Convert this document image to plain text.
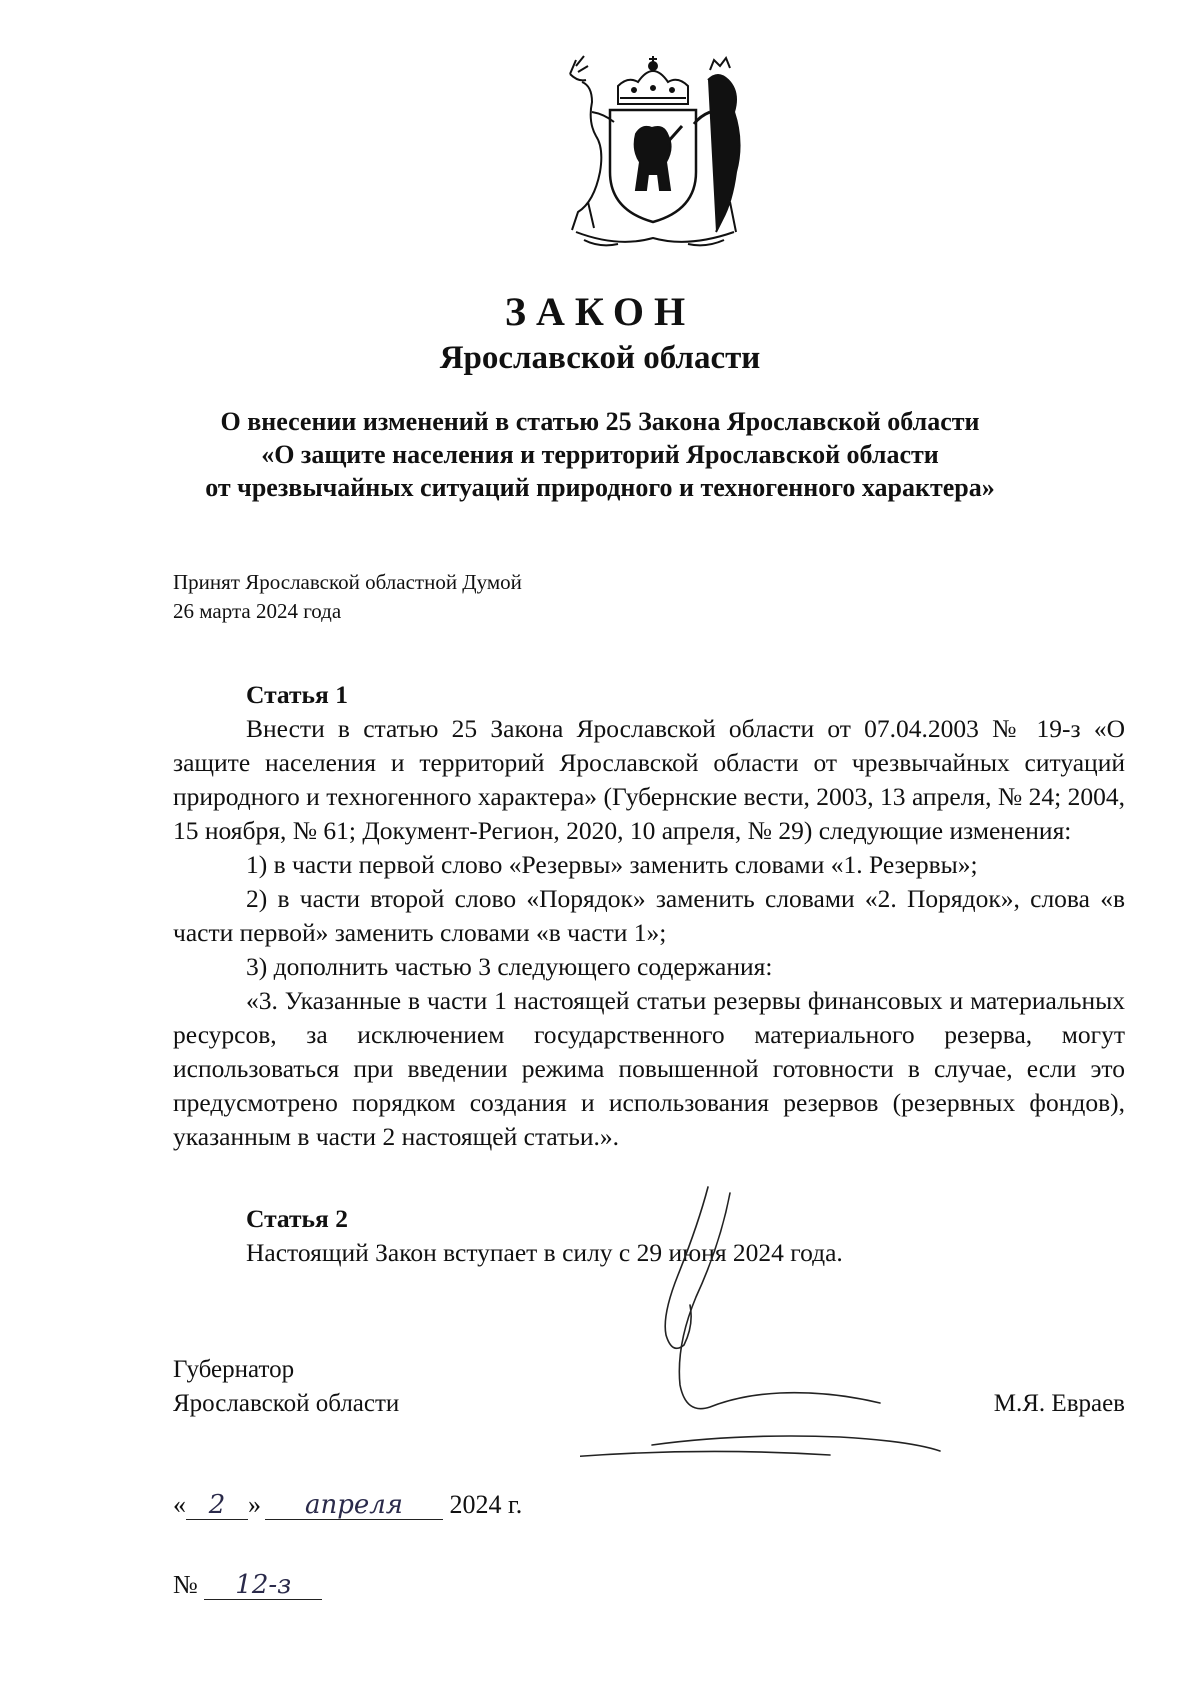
ЗАКОН
Ярославской области
О внесении изменений в статью 25 Закона Ярославской области
«О защите населения и территорий Ярославской области
от чрезвычайных ситуаций природного и техногенного характера»
Принят Ярославской областной Думой
26 марта 2024 года
Статья 1

Внести в статью 25 Закона Ярославской области от 07.04.2003 № 19-з «О защите населения и территорий Ярославской области от чрезвычайных ситуаций природного и техногенного характера» (Губернские вести, 2003, 13 апреля, № 24; 2004, 15 ноября, № 61; Документ-Регион, 2020, 10 апреля, № 29) следующие изменения:

1) в части первой слово «Резервы» заменить словами «1. Резервы»;

2) в части второй слово «Порядок» заменить словами «2. Порядок», слова «в части первой» заменить словами «в части 1»;

3) дополнить частью 3 следующего содержания:

«3. Указанные в части 1 настоящей статьи резервы финансовых и материальных ресурсов, за исключением государственного материального резерва, могут использоваться при введении режима повышенной готовности в случае, если это предусмотрено порядком создания и использования резервов (резервных фондов), указанным в части 2 настоящей статьи.».

Статья 2

Настоящий Закон вступает в силу с 29 июня 2024 года.

Губернатор
Ярославской области	М.Я. Евраев
« 2 » апреля 2024 г.
№ 12-з
